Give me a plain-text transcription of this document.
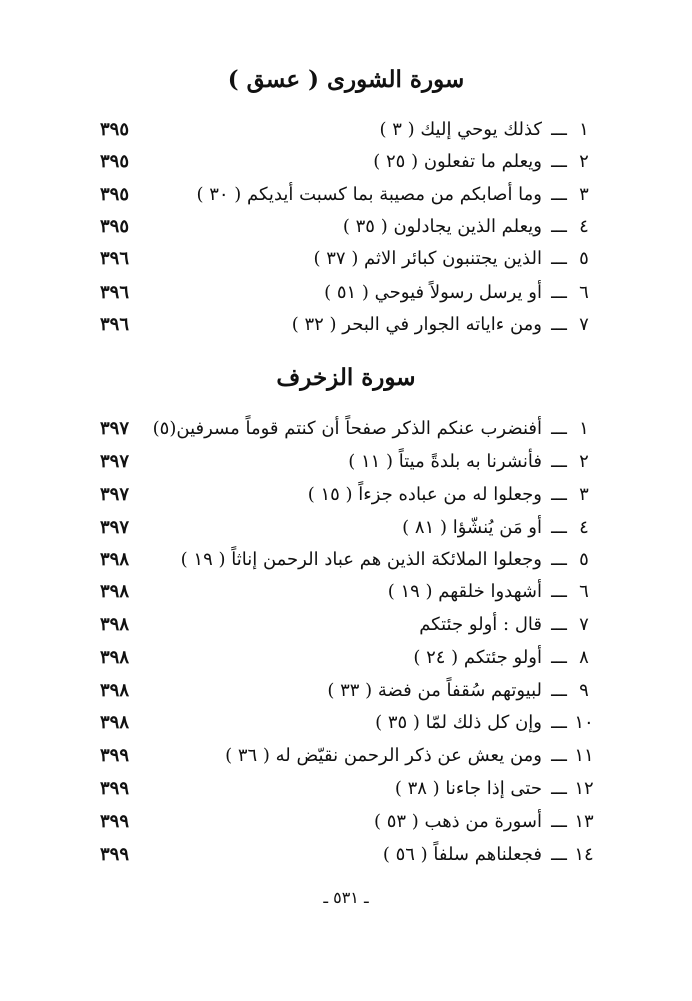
سورة الشورى ( عسق )
١
ـــ
كذلك يوحي إليك ( ٣ )
٣٩٥
٢
ـــ
ويعلم ما تفعلون ( ٢٥ )
٣٩٥
٣
ـــ
وما أصابكم من مصيبة بما كسبت أيديكم ( ٣٠ )
٣٩٥
٤
ـــ
ويعلم الذين يجادلون ( ٣٥ )
٣٩٥
٥
ـــ
الذين يجتنبون كبائر الاثم ( ٣٧ )
٣٩٦
٦
ـــ
أو يرسل رسولاً فيوحي ( ٥١ )
٣٩٦
٧
ـــ
ومن ءاياته الجوار في البحر ( ٣٢ )
٣٩٦
سورة الزخرف
١
ـــ
أفنضرب عنكم الذكر صفحاً أن كنتم قوماً مسرفين(٥)
٣٩٧
٢
ـــ
فأنشرنا به بلدةً ميتاً ( ١١ )
٣٩٧
٣
ـــ
وجعلوا له من عباده جزءاً ( ١٥ )
٣٩٧
٤
ـــ
أو مَن يُنشّؤا ( ٨١ )
٣٩٧
٥
ـــ
وجعلوا الملائكة الذين هم عباد الرحمن إناثاً ( ١٩ )
٣٩٨
٦
ـــ
أشهدوا خلقهم ( ١٩ )
٣٩٨
٧
ـــ
قال : أولو جئتكم
٣٩٨
٨
ـــ
أولو جئتكم ( ٢٤ )
٣٩٨
٩
ـــ
لبيوتهم سُقفاً من فضة ( ٣٣ )
٣٩٨
١٠
ـــ
وإن كل ذلك لمّا ( ٣٥ )
٣٩٨
١١
ـــ
ومن يعش عن ذكر الرحمن نقيّض له ( ٣٦ )
٣٩٩
١٢
ـــ
حتى إذا جاءنا ( ٣٨ )
٣٩٩
١٣
ـــ
أسورة من ذهب ( ٥٣ )
٣٩٩
١٤
ـــ
فجعلناهم سلفاً ( ٥٦ )
٣٩٩
ـ ٥٣١ ـ
